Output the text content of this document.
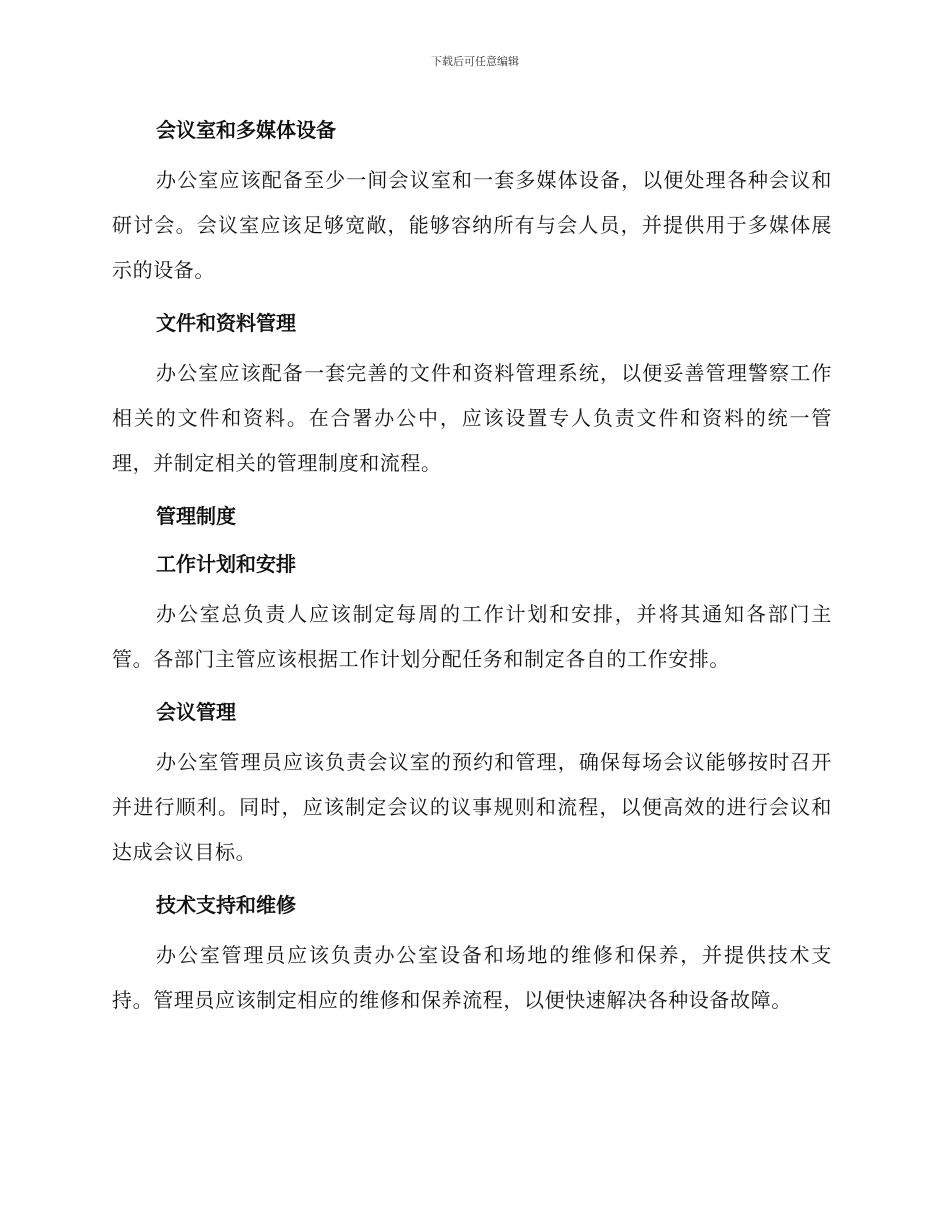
下载后可任意编辑
会议室和多媒体设备

办公室应该配备至少一间会议室和一套多媒体设备，以便处理各种会议和研讨会。会议室应该足够宽敞，能够容纳所有与会人员，并提供用于多媒体展示的设备。

文件和资料管理

办公室应该配备一套完善的文件和资料管理系统，以便妥善管理警察工作相关的文件和资料。在合署办公中，应该设置专人负责文件和资料的统一管理，并制定相关的管理制度和流程。

管理制度
工作计划和安排

办公室总负责人应该制定每周的工作计划和安排，并将其通知各部门主管。各部门主管应该根据工作计划分配任务和制定各自的工作安排。

会议管理

办公室管理员应该负责会议室的预约和管理，确保每场会议能够按时召开并进行顺利。同时，应该制定会议的议事规则和流程，以便高效的进行会议和达成会议目标。

技术支持和维修

办公室管理员应该负责办公室设备和场地的维修和保养，并提供技术支持。管理员应该制定相应的维修和保养流程，以便快速解决各种设备故障。
